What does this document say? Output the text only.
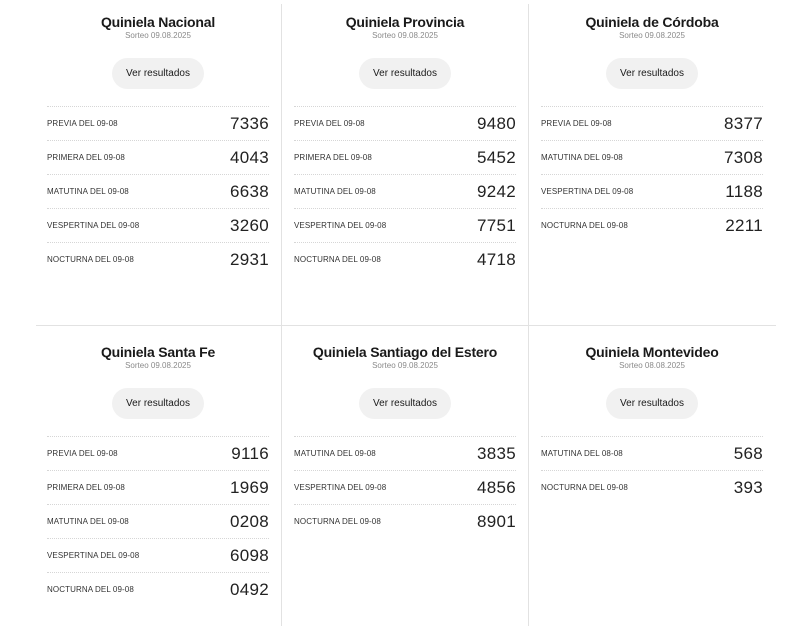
Quiniela Nacional
Sorteo 09.08.2025
Ver resultados
PREVIA DEL 09-08	7336
PRIMERA DEL 09-08	4043
MATUTINA DEL 09-08	6638
VESPERTINA DEL 09-08	3260
NOCTURNA DEL 09-08	2931
Quiniela Provincia
Sorteo 09.08.2025
Ver resultados
PREVIA DEL 09-08	9480
PRIMERA DEL 09-08	5452
MATUTINA DEL 09-08	9242
VESPERTINA DEL 09-08	7751
NOCTURNA DEL 09-08	4718
Quiniela de Córdoba
Sorteo 09.08.2025
Ver resultados
PREVIA DEL 09-08	8377
MATUTINA DEL 09-08	7308
VESPERTINA DEL 09-08	1188
NOCTURNA DEL 09-08	2211
Quiniela Santa Fe
Sorteo 09.08.2025
Ver resultados
PREVIA DEL 09-08	9116
PRIMERA DEL 09-08	1969
MATUTINA DEL 09-08	0208
VESPERTINA DEL 09-08	6098
NOCTURNA DEL 09-08	0492
Quiniela Santiago del Estero
Sorteo 09.08.2025
Ver resultados
MATUTINA DEL 09-08	3835
VESPERTINA DEL 09-08	4856
NOCTURNA DEL 09-08	8901
Quiniela Montevideo
Sorteo 08.08.2025
Ver resultados
MATUTINA DEL 08-08	568
NOCTURNA DEL 09-08	393
